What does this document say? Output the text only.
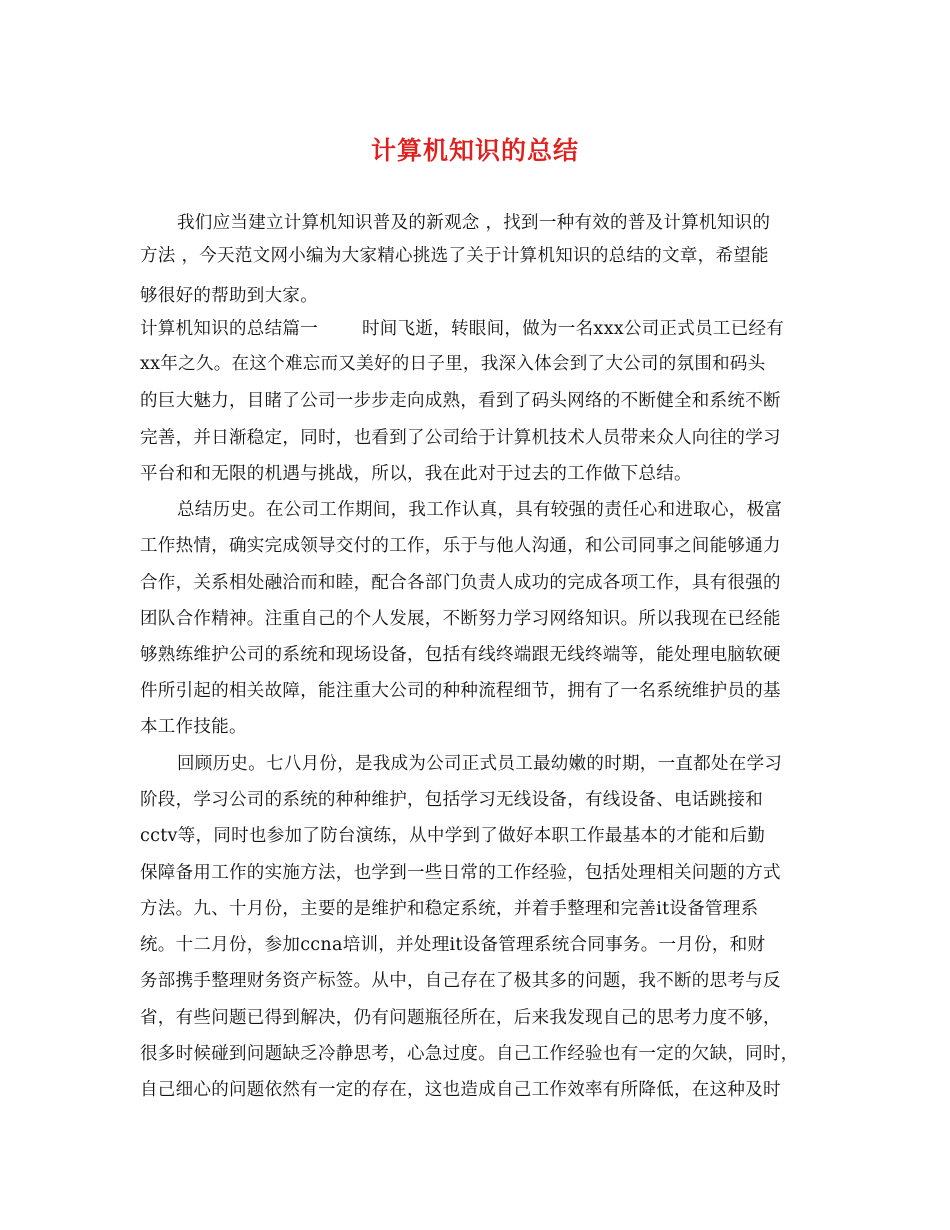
计算机知识的总结
我们应当建立计算机知识普及的新观念 ，找到一种有效的普及计算机知识的
方法 ，今天范文网小编为大家精心挑选了关于计算机知识的总结的文章，希望能
够很好的帮助到大家。
计算机知识的总结篇一	时间飞逝，转眼间，做为一名xxx公司正式员工已经有
xx年之久。在这个难忘而又美好的日子里，我深入体会到了大公司的氛围和码头
的巨大魅力，目睹了公司一步步走向成熟，看到了码头网络的不断健全和系统不断
完善，并日渐稳定，同时，也看到了公司给于计算机技术人员带来众人向往的学习
平台和和无限的机遇与挑战，所以，我在此对于过去的工作做下总结。
总结历史。在公司工作期间，我工作认真，具有较强的责任心和进取心，极富
工作热情，确实完成领导交付的工作，乐于与他人沟通，和公司同事之间能够通力
合作，关系相处融洽而和睦，配合各部门负责人成功的完成各项工作，具有很强的
团队合作精神。注重自己的个人发展，不断努力学习网络知识。所以我现在已经能
够熟练维护公司的系统和现场设备，包括有线终端跟无线终端等，能处理电脑软硬
件所引起的相关故障，能注重大公司的种种流程细节，拥有了一名系统维护员的基
本工作技能。
回顾历史。七八月份，是我成为公司正式员工最幼嫩的时期，一直都处在学习
阶段，学习公司的系统的种种维护，包括学习无线设备，有线设备、电话跳接和
cctv等，同时也参加了防台演练，从中学到了做好本职工作最基本的才能和后勤
保障备用工作的实施方法，也学到一些日常的工作经验，包括处理相关问题的方式
方法。九、十月份，主要的是维护和稳定系统，并着手整理和完善it设备管理系
统。十二月份，参加ccna培训，并处理it设备管理系统合同事务。一月份，和财
务部携手整理财务资产标签。从中，自己存在了极其多的问题，我不断的思考与反
省，有些问题已得到解决，仍有问题瓶径所在，后来我发现自己的思考力度不够，
很多时候碰到问题缺乏冷静思考，心急过度。自己工作经验也有一定的欠缺，同时，
自己细心的问题依然有一定的存在，这也造成自己工作效率有所降低，在这种及时
